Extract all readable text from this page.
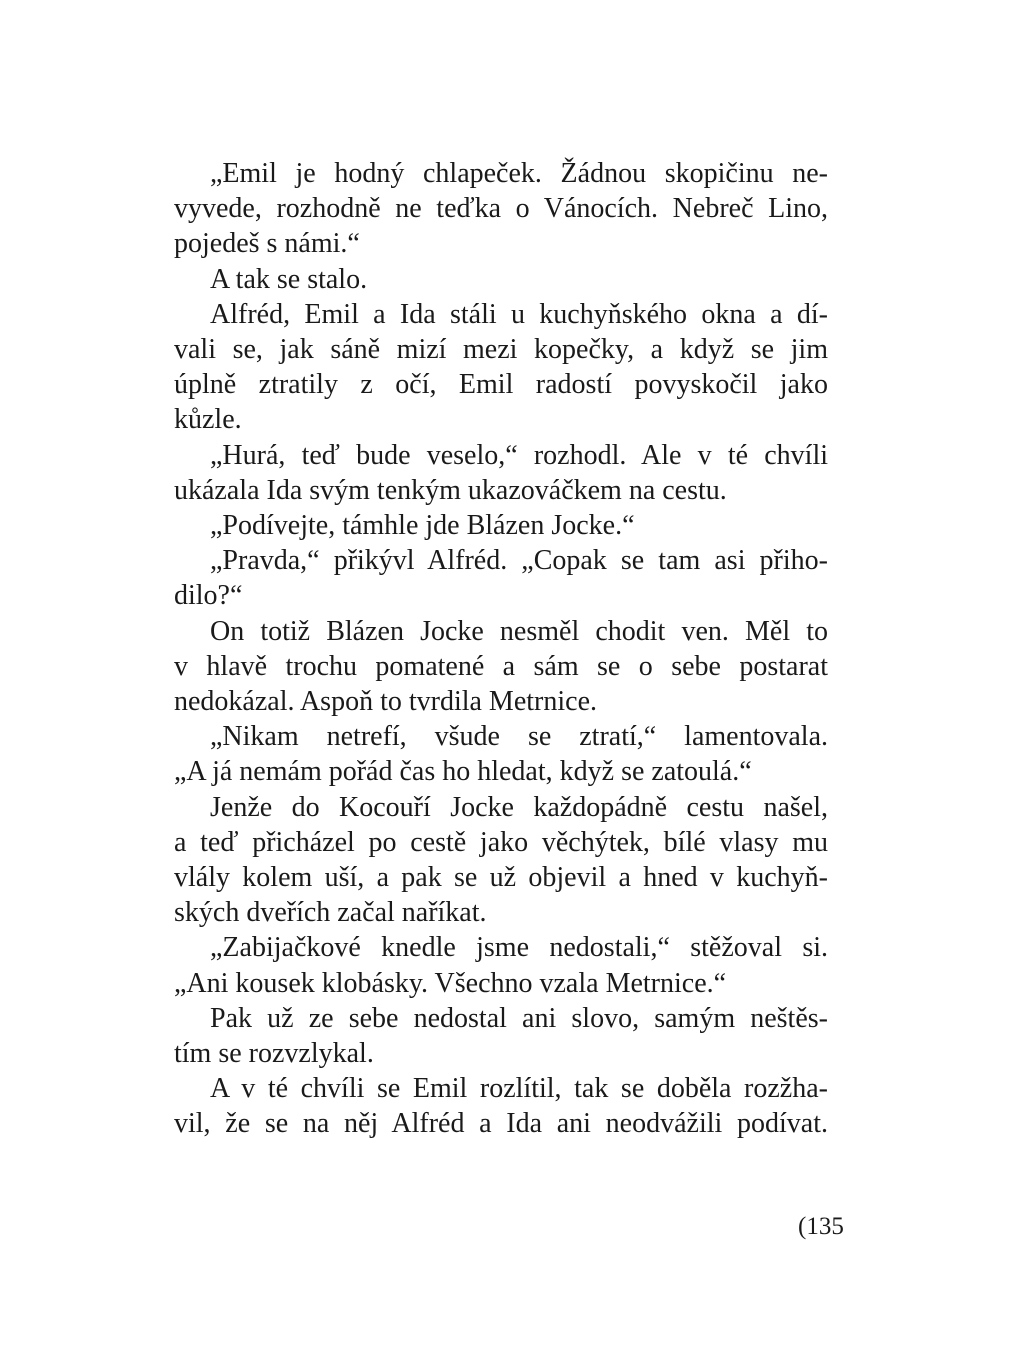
„Emil je hodný chlapeček. Žádnou skopičinu ne-
vyvede, rozhodně ne teďka o Vánocích. Nebreč Lino,
pojedeš s námi.“

A tak se stalo.

Alfréd, Emil a Ida stáli u kuchyňského okna a dí-
vali se, jak sáně mizí mezi kopečky, a když se jim
úplně ztratily z očí, Emil radostí povyskočil jako
kůzle.

„Hurá, teď bude veselo,“ rozhodl. Ale v té chvíli
ukázala Ida svým tenkým ukazováčkem na cestu.

„Podívejte, támhle jde Blázen Jocke.“

„Pravda,“ přikývl Alfréd. „Copak se tam asi přiho-
dilo?“

On totiž Blázen Jocke nesměl chodit ven. Měl to
v hlavě trochu pomatené a sám se o sebe postarat
nedokázal. Aspoň to tvrdila Metrnice.

„Nikam netrefí, všude se ztratí,“ lamentovala.
„A já nemám pořád čas ho hledat, když se zatoulá.“

Jenže do Kocouří Jocke každopádně cestu našel,
a teď přicházel po cestě jako věchýtek, bílé vlasy mu
vlály kolem uší, a pak se už objevil a hned v kuchyň-
ských dveřích začal naříkat.

„Zabijačkové knedle jsme nedostali,“ stěžoval si.
„Ani kousek klobásky. Všechno vzala Metrnice.“

Pak už ze sebe nedostal ani slovo, samým neštěs-
tím se rozvzlykal.

A v té chvíli se Emil rozlítil, tak se doběla rozžha-
vil, že se na něj Alfréd a Ida ani neodvážili podívat.

(135
